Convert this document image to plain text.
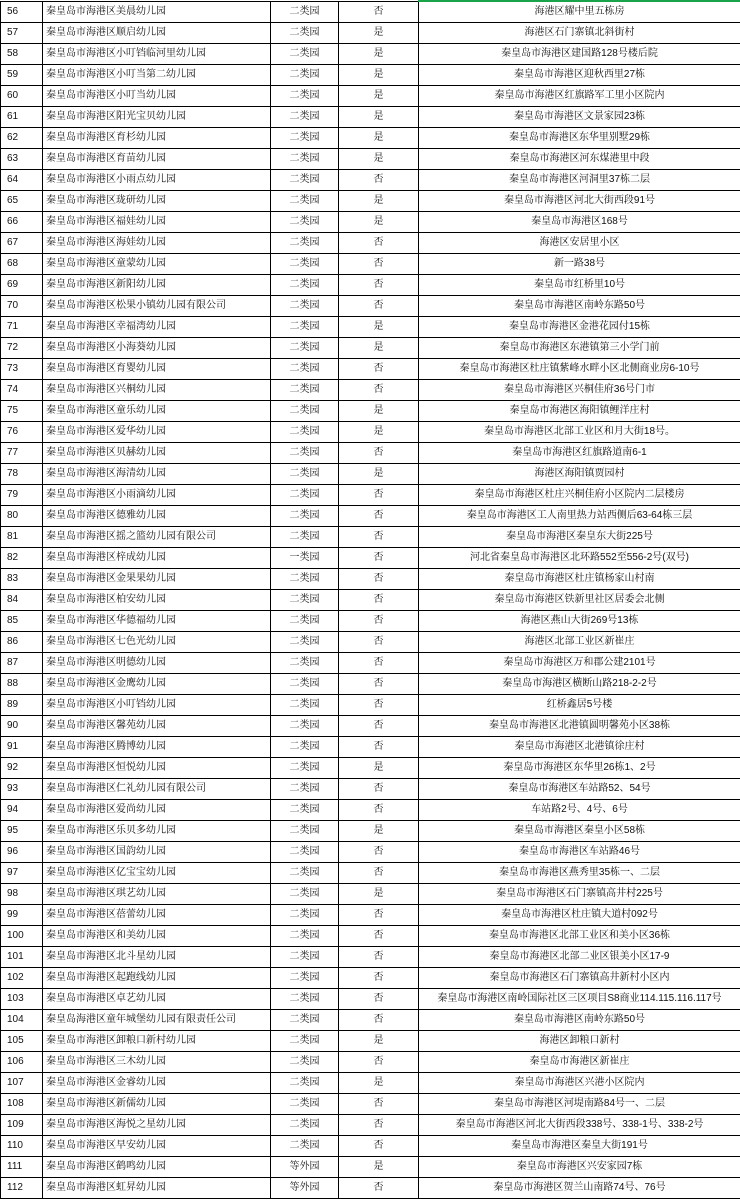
56	秦皇岛市海港区美晨幼儿园	二类园	否	海港区耀中里五栋房
57	秦皇岛市海港区顺启幼儿园	二类园	是	海港区石门寨镇北斜街村
58	秦皇岛市海港区小叮铛临河里幼儿园	二类园	是	秦皇岛市海港区建国路128号楼后院
59	秦皇岛市海港区小叮当第二幼儿园	二类园	是	秦皇岛市海港区迎秋西里27栋
60	秦皇岛市海港区小叮当幼儿园	二类园	是	秦皇岛市海港区红旗路军工里小区院内
61	秦皇岛市海港区阳光宝贝幼儿园	二类园	是	秦皇岛市海港区文景家园23栋
62	秦皇岛市海港区育杉幼儿园	二类园	是	秦皇岛市海港区东华里别墅29栋
63	秦皇岛市海港区育苗幼儿园	二类园	是	秦皇岛市海港区河东煤港里中段
64	秦皇岛市海港区小雨点幼儿园	二类园	否	秦皇岛市海港区河洞里37栋二层
65	秦皇岛市海港区珑研幼儿园	二类园	是	秦皇岛市海港区河北大街西段91号
66	秦皇岛市海港区福娃幼儿园	二类园	是	秦皇岛市海港区168号
67	秦皇岛市海港区海娃幼儿园	二类园	否	海港区安居里小区
68	秦皇岛市海港区童蒙幼儿园	二类园	否	新一路38号
69	秦皇岛市海港区新阳幼儿园	二类园	否	秦皇岛市红桥里10号
70	秦皇岛市海港区松果小镇幼儿园有限公司	二类园	否	秦皇岛市海港区南岭东路50号
71	秦皇岛市海港区幸福湾幼儿园	二类园	是	秦皇岛市海港区金港花园付15栋
72	秦皇岛市海港区小海葵幼儿园	二类园	是	秦皇岛市海港区东港镇第三小学门前
73	秦皇岛市海港区育婴幼儿园	二类园	否	秦皇岛市海港区杜庄镇紫峰水畔小区北侧商业房6-10号
74	秦皇岛市海港区兴桐幼儿园	二类园	否	秦皇岛市海港区兴桐佳府36号门市
75	秦皇岛市海港区童乐幼儿园	二类园	是	秦皇岛市海港区海阳镇鲤洋庄村
76	秦皇岛市海港区爱华幼儿园	二类园	是	秦皇岛市海港区北部工业区和月大街18号。
77	秦皇岛市海港区贝赫幼儿园	二类园	否	秦皇岛市海港区红旗路道南6-1
78	秦皇岛市海港区海清幼儿园	二类园	是	海港区海阳镇贾园村
79	秦皇岛市海港区小雨滴幼儿园	二类园	否	秦皇岛市海港区杜庄兴桐佳府小区院内二层楼房
80	秦皇岛市海港区德雅幼儿园	二类园	否	秦皇岛市海港区工人南里热力站西侧后63-64栋三层
81	秦皇岛市海港区摇之篮幼儿园有限公司	二类园	否	秦皇岛市海港区秦皇东大街225号
82	秦皇岛市海港区梓成幼儿园	一类园	否	河北省秦皇岛市海港区北环路552至556-2号(双号)
83	秦皇岛市海港区金果果幼儿园	二类园	否	秦皇岛市海港区杜庄镇杨家山村南
84	秦皇岛市海港区柏安幼儿园	二类园	否	秦皇岛市海港区铁新里社区居委会北侧
85	秦皇岛市海港区华德福幼儿园	二类园	否	海港区燕山大街269号13栋
86	秦皇岛市海港区七色光幼儿园	二类园	否	海港区北部工业区新崔庄
87	秦皇岛市海港区明德幼儿园	二类园	否	秦皇岛市海港区万和郡公建2101号
88	秦皇岛市海港区金鹰幼儿园	二类园	否	秦皇岛市海港区横断山路218-2-2号
89	秦皇岛市海港区小叮铛幼儿园	二类园	否	红桥鑫居5号楼
90	秦皇岛市海港区馨苑幼儿园	二类园	否	秦皇岛市海港区北港镇圆明馨苑小区38栋
91	秦皇岛市海港区腾博幼儿园	二类园	否	秦皇岛市海港区北港镇徐庄村
92	秦皇岛市海港区恒悦幼儿园	二类园	是	秦皇岛市海港区东华里26栋1、2号
93	秦皇岛市海港区仁礼幼儿园有限公司	二类园	否	秦皇岛市海港区车站路52、54号
94	秦皇岛市海港区爱尚幼儿园	二类园	否	车站路2号、4号、6号
95	秦皇岛市海港区乐贝多幼儿园	二类园	是	秦皇岛市海港区秦皇小区58栋
96	秦皇岛市海港区国韵幼儿园	二类园	否	秦皇岛市海港区车站路46号
97	秦皇岛市海港区亿宝宝幼儿园	二类园	否	秦皇岛市海港区燕秀里35栋一、二层
98	秦皇岛市海港区琪艺幼儿园	二类园	是	秦皇岛市海港区石门寨镇高井村225号
99	秦皇岛市海港区蓓蕾幼儿园	二类园	否	秦皇岛市海港区杜庄镇大道村092号
100	秦皇岛市海港区和美幼儿园	二类园	否	秦皇岛市海港区北部工业区和美小区36栋
101	秦皇岛市海港区北斗星幼儿园	二类园	否	秦皇岛市海港区北部二业区银美小区17-9
102	秦皇岛市海港区起跑线幼儿园	二类园	否	秦皇岛市海港区石门寨镇高井新村小区内
103	秦皇岛市海港区卓艺幼儿园	二类园	否	秦皇岛市海港区南岭国际社区三区项目S8商业114.115.116.117号
104	秦皇岛海港区童年城堡幼儿园有限责任公司	二类园	否	秦皇岛市海港区南岭东路50号
105	秦皇岛市海港区卸粮口新村幼儿园	二类园	是	海港区卸粮口新村
106	秦皇岛市海港区三木幼儿园	二类园	否	秦皇岛市海港区新崔庄
107	秦皇岛市海港区金睿幼儿园	二类园	是	秦皇岛市海港区兴港小区院内
108	秦皇岛市海港区新儒幼儿园	二类园	否	秦皇岛市海港区河堤南路84号一、二层
109	秦皇岛市海港区海悦之星幼儿园	二类园	否	秦皇岛市海港区河北大街西段338号、338-1号、338-2号
110	秦皇岛市海港区早安幼儿园	二类园	否	秦皇岛市海港区秦皇大街191号
111	秦皇岛市海港区鹤鸣幼儿园	等外园	是	秦皇岛市海港区兴安家园7栋
112	秦皇岛市海港区虹昇幼儿园	等外园	否	秦皇岛市海港区贺兰山南路74号、76号
